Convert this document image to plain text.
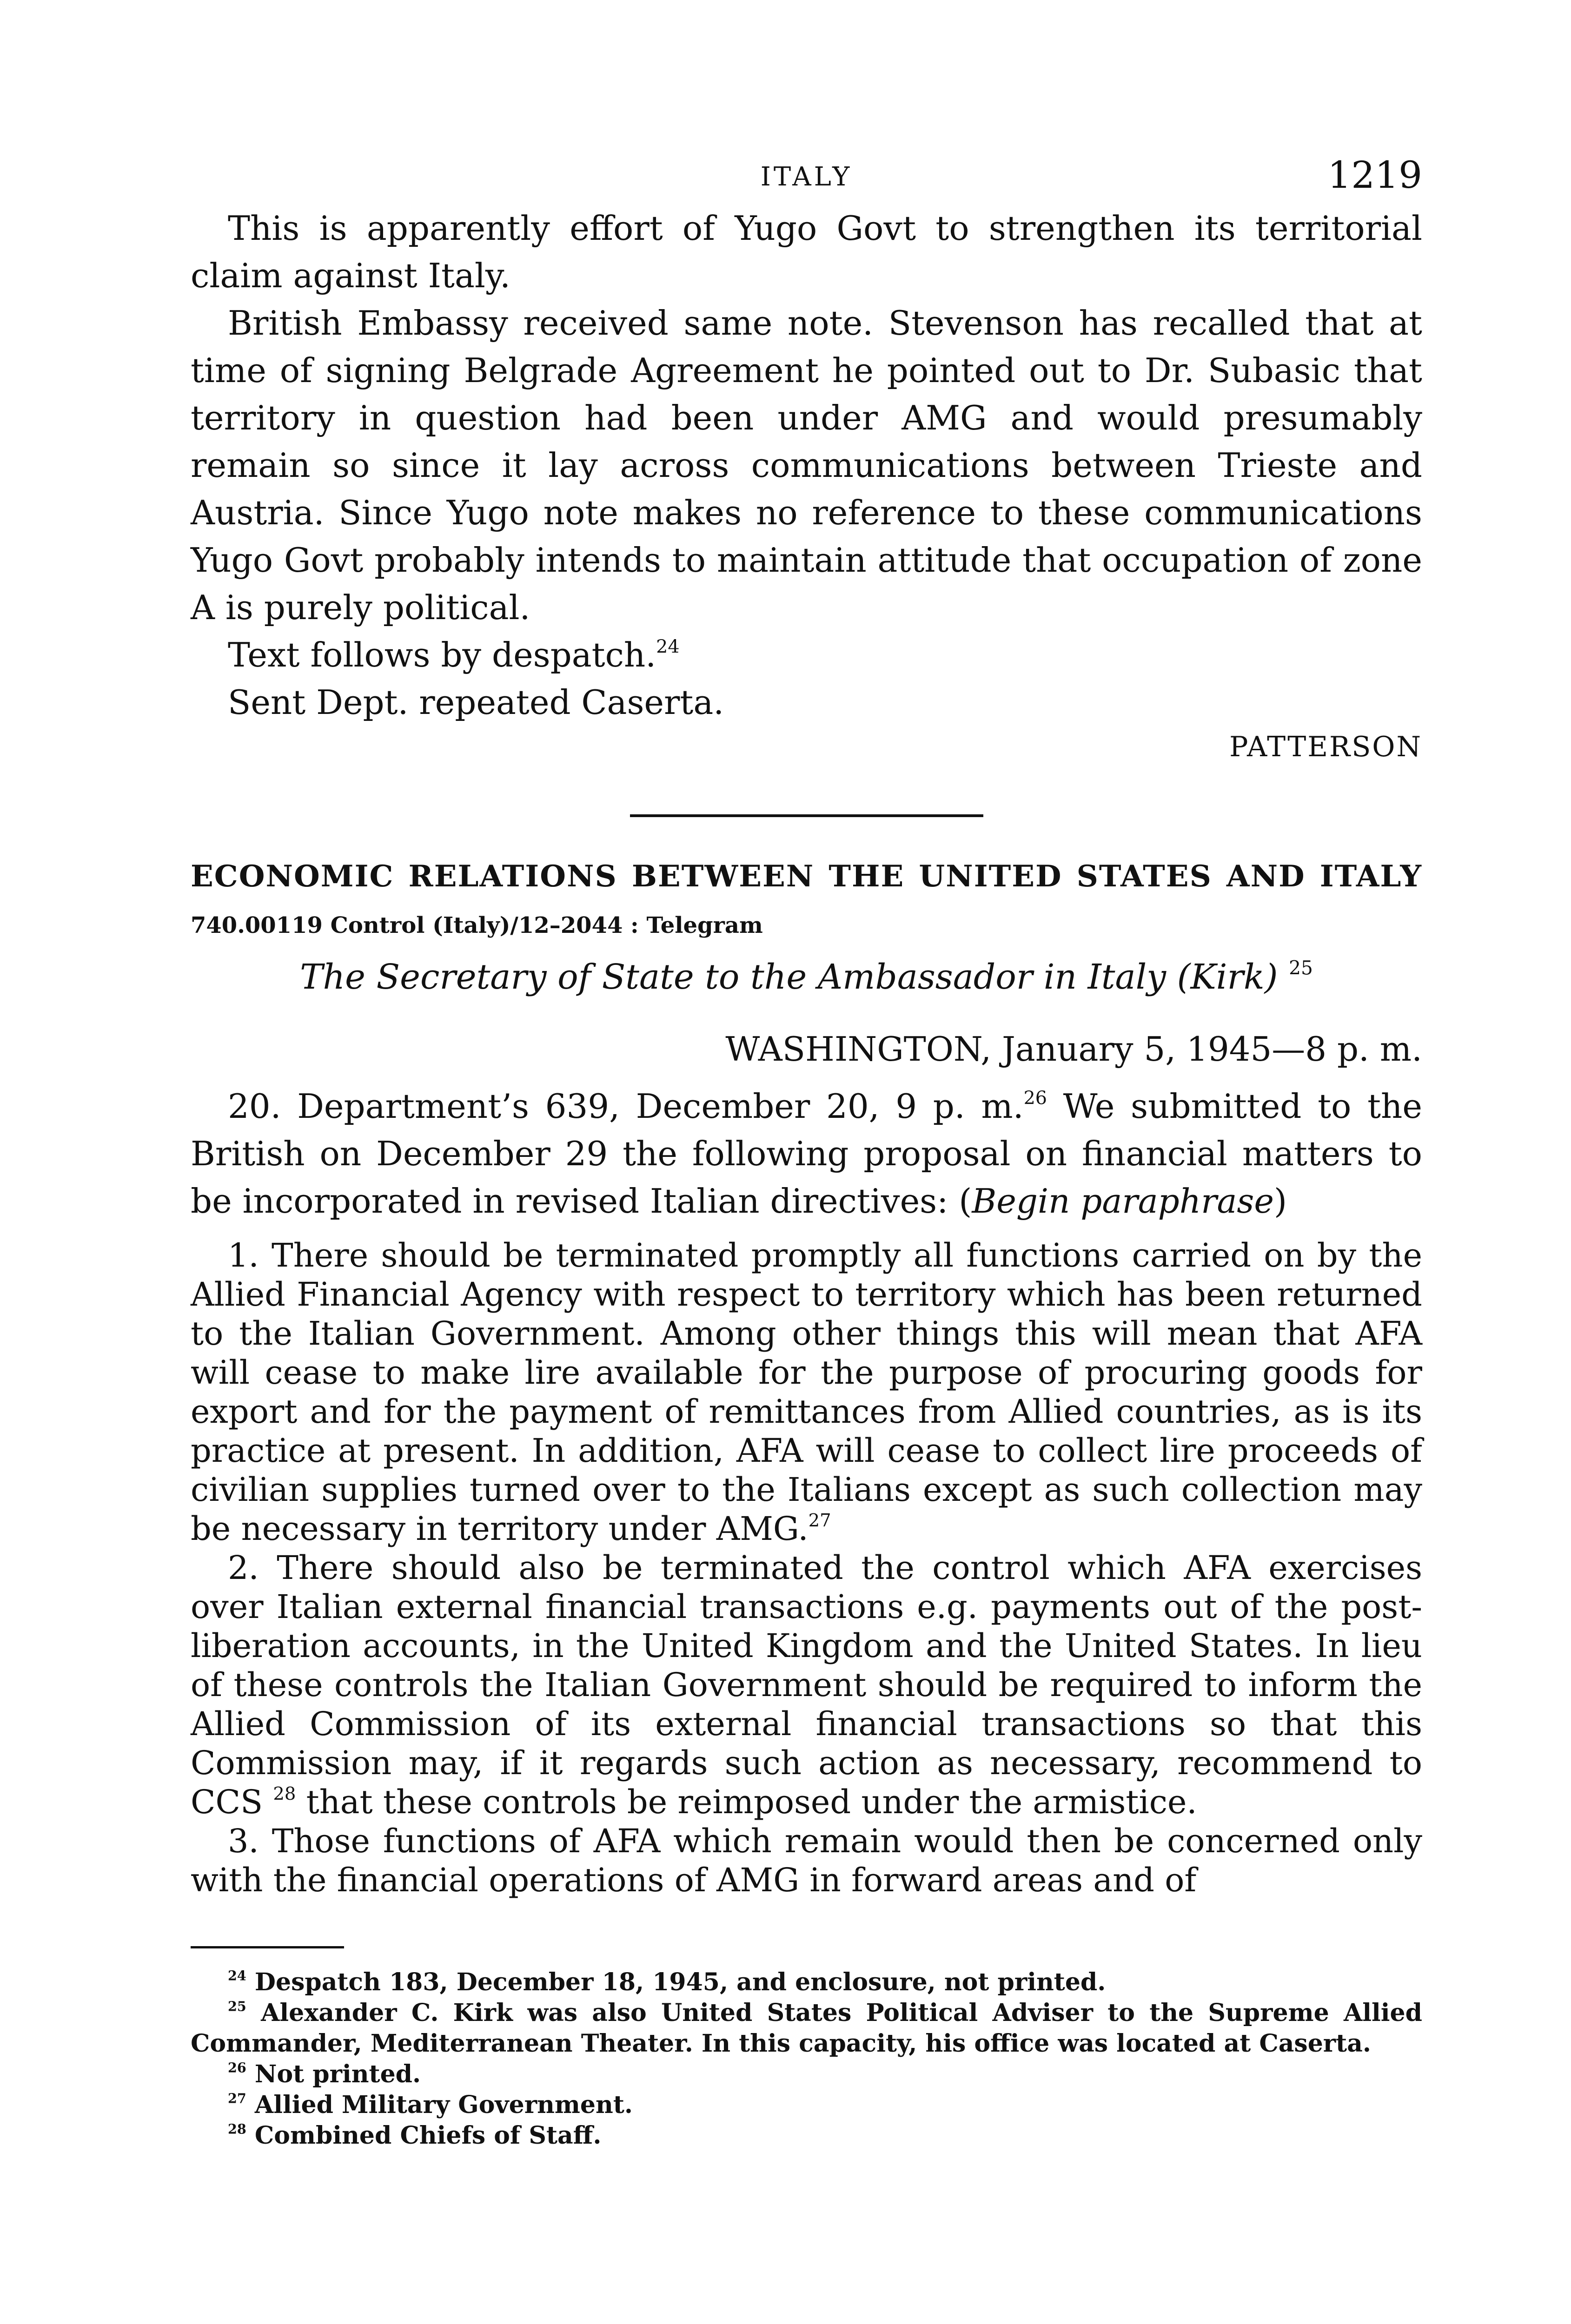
ITALY	1219

This is apparently effort of Yugo Govt to strengthen its territorial claim against Italy.

British Embassy received same note. Stevenson has recalled that at time of signing Belgrade Agreement he pointed out to Dr. Subasic that territory in question had been under AMG and would presumably remain so since it lay across communications between Trieste and Austria. Since Yugo note makes no reference to these communications Yugo Govt probably intends to maintain attitude that occupation of zone A is purely political.

Text follows by despatch.$^{24}$

Sent Dept. repeated Caserta.

PATTERSON

ECONOMIC RELATIONS BETWEEN THE UNITED STATES AND ITALY

740.00119 Control (Italy)/12–2044 : Telegram

The Secretary of State to the Ambassador in Italy (Kirk) $^{25}$

WASHINGTON, January 5, 1945—8 p. m.

20. Department’s 639, December 20, 9 p. m.$^{26}$ We submitted to the British on December 29 the following proposal on financial matters to be incorporated in revised Italian directives: (Begin paraphrase)

1. There should be terminated promptly all functions carried on by the Allied Financial Agency with respect to territory which has been returned to the Italian Government. Among other things this will mean that AFA will cease to make lire available for the purpose of procuring goods for export and for the payment of remittances from Allied countries, as is its practice at present. In addition, AFA will cease to collect lire proceeds of civilian supplies turned over to the Italians except as such collection may be necessary in territory under AMG.$^{27}$

2. There should also be terminated the control which AFA exercises over Italian external financial transactions e.g. payments out of the post-liberation accounts, in the United Kingdom and the United States. In lieu of these controls the Italian Government should be required to inform the Allied Commission of its external financial transactions so that this Commission may, if it regards such action as necessary, recommend to CCS $^{28}$ that these controls be reimposed under the armistice.

3. Those functions of AFA which remain would then be concerned only with the financial operations of AMG in forward areas and of

$^{24}$ Despatch 183, December 18, 1945, and enclosure, not printed.

$^{25}$ Alexander C. Kirk was also United States Political Adviser to the Supreme Allied Commander, Mediterranean Theater. In this capacity, his office was located at Caserta.

$^{26}$ Not printed.

$^{27}$ Allied Military Government.

$^{28}$ Combined Chiefs of Staff.
